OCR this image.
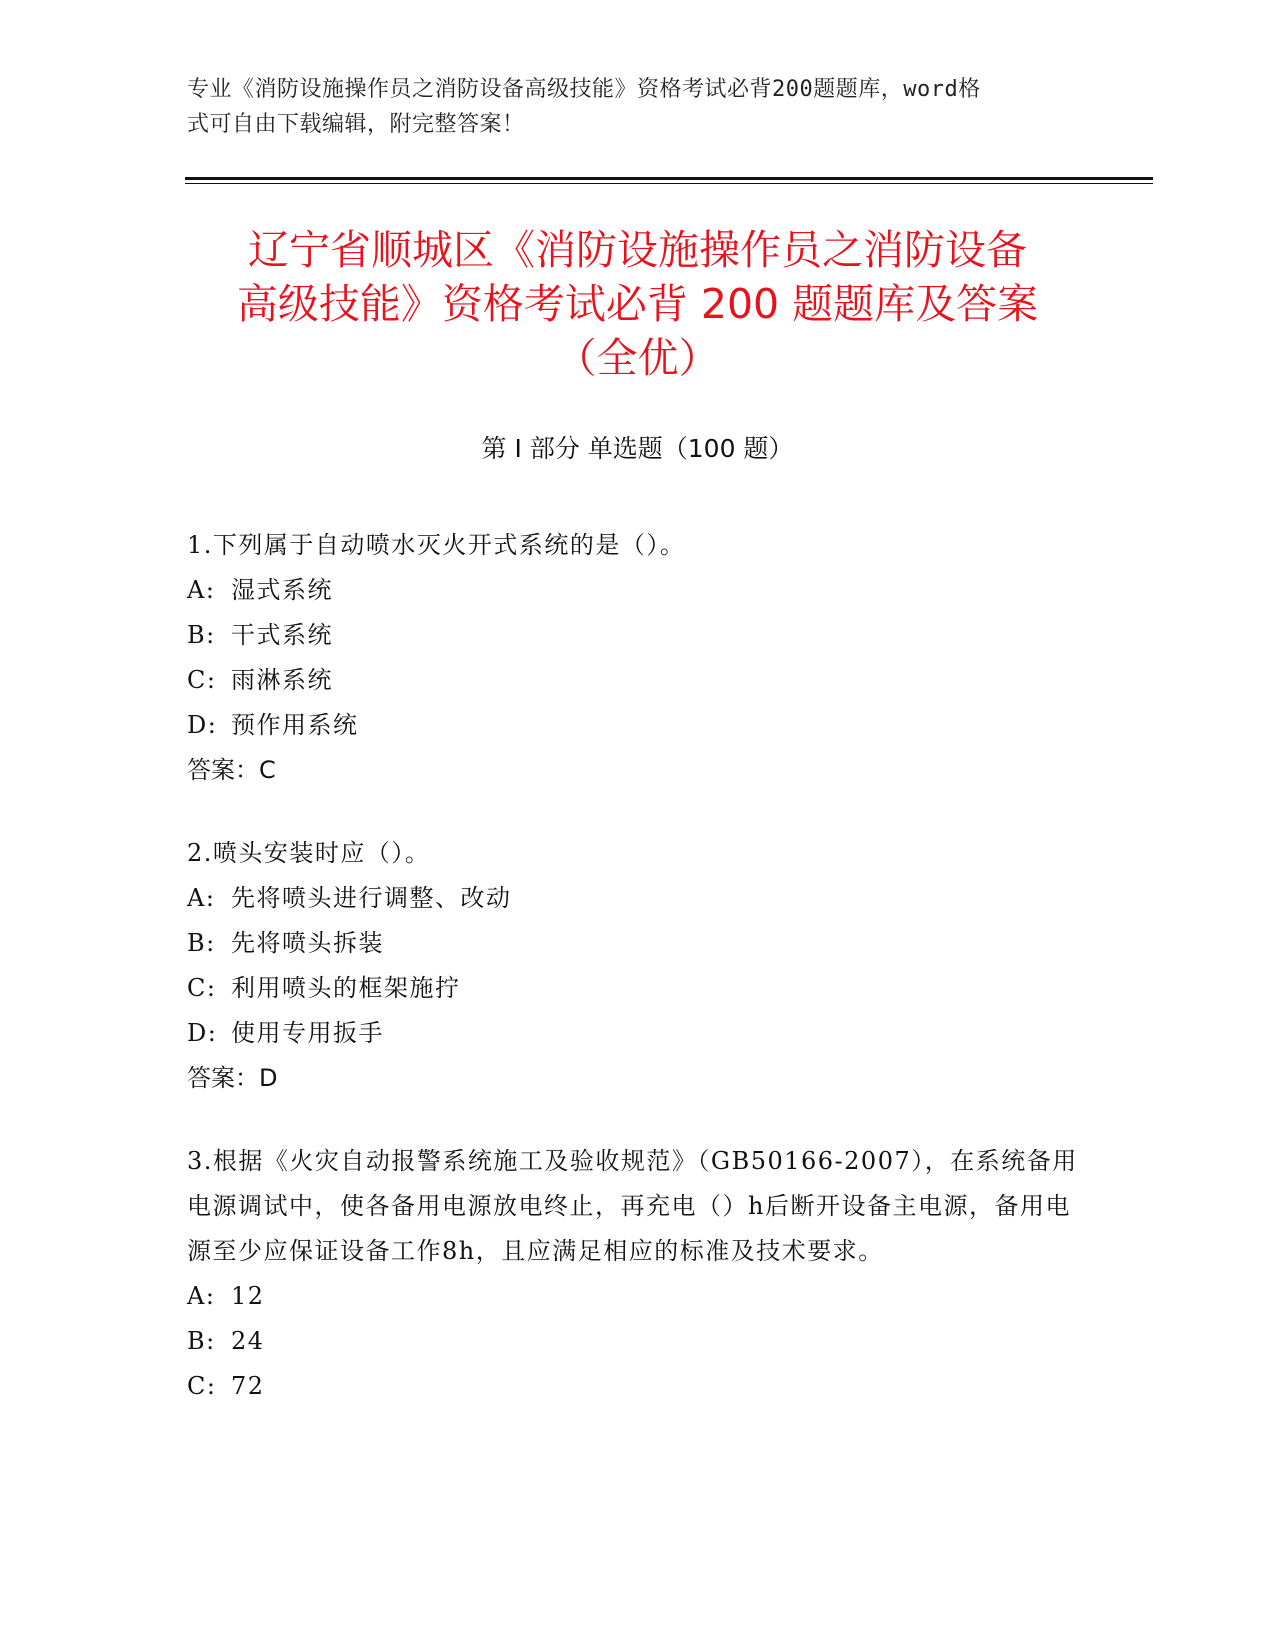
专业《消防设施操作员之消防设备高级技能》资格考试必背200题题库，word格
式可自由下载编辑，附完整答案！
辽宁省顺城区《消防设施操作员之消防设备
高级技能》资格考试必背 200 题题库及答案
（全优）
第 I 部分 单选题（100 题）
1.下列属于自动喷水灭火开式系统的是（）。
A: 湿式系统
B: 干式系统
C: 雨淋系统
D: 预作用系统
答案：C
2.喷头安装时应（）。
A: 先将喷头进行调整、改动
B: 先将喷头拆装
C: 利用喷头的框架施拧
D: 使用专用扳手
答案：D
3.根据《火灾自动报警系统施工及验收规范》（GB50166-2007），在系统备用电源调试中，使各备用电源放电终止，再充电（）h后断开设备主电源，备用电源至少应保证设备工作8h，且应满足相应的标准及技术要求。
A: 12
B: 24
C: 72
